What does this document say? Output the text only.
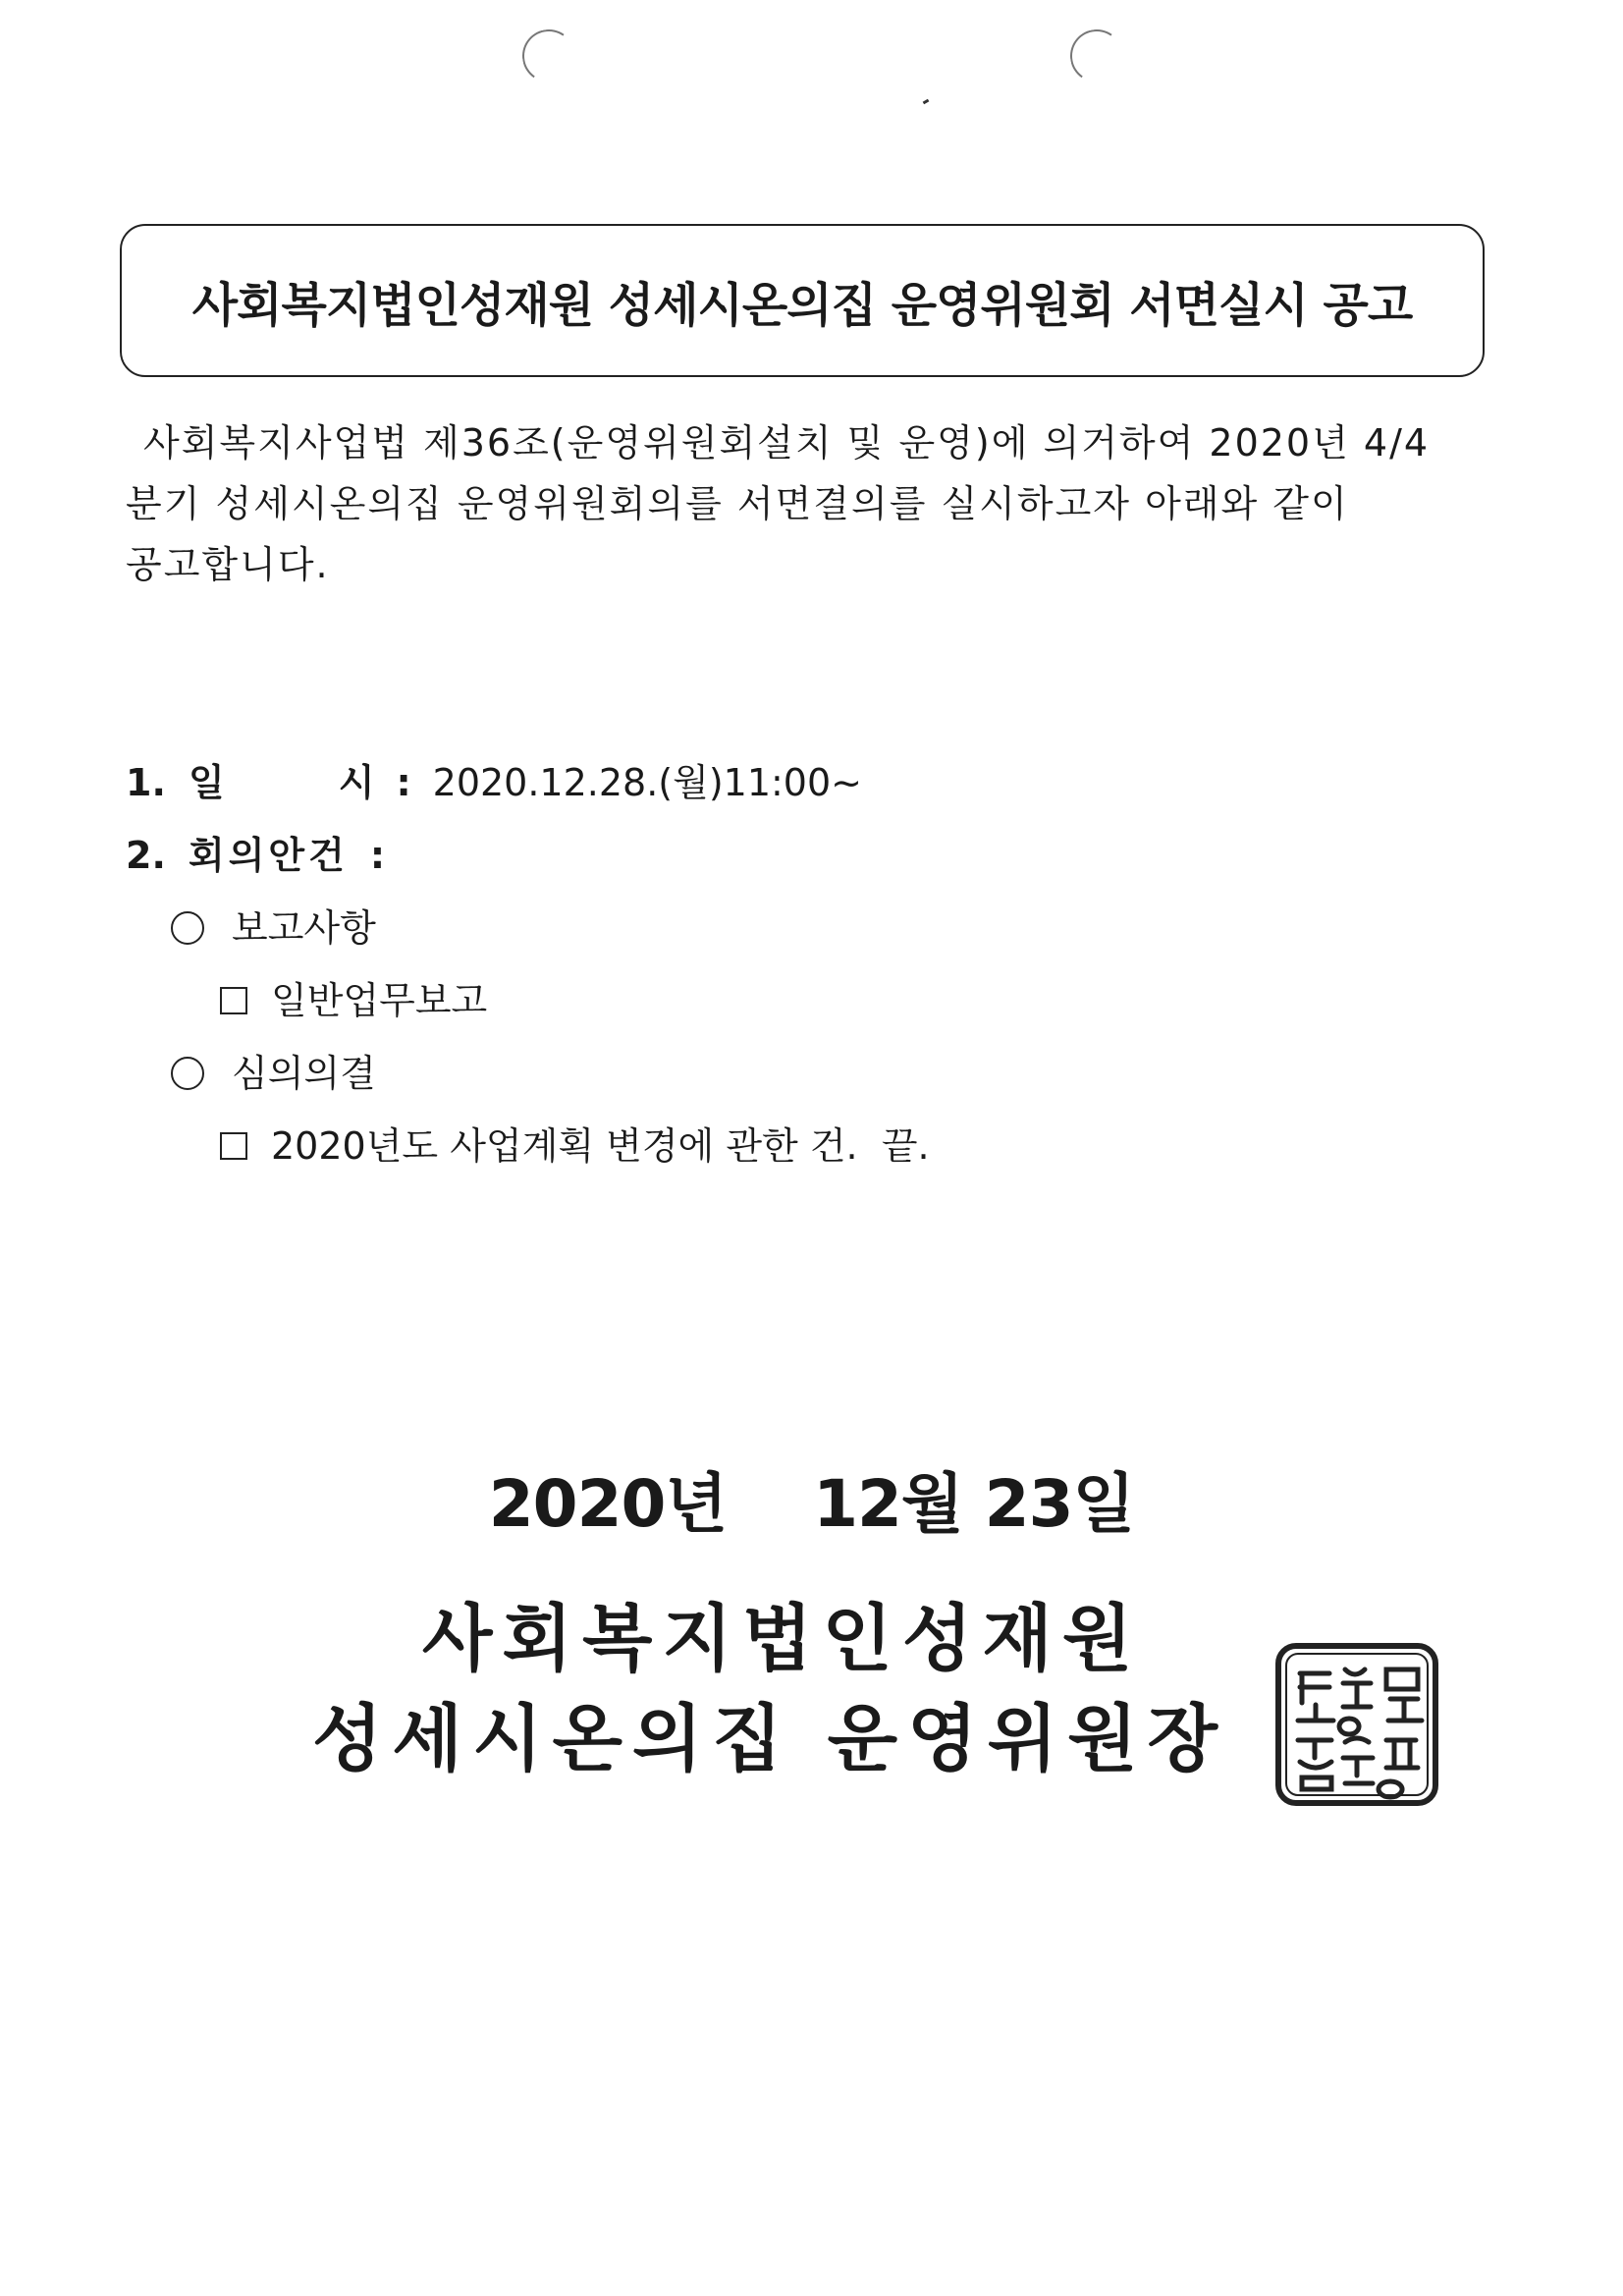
사회복지법인성재원 성세시온의집 운영위원회 서면실시 공고
사회복지사업법 제36조(운영위원회설치 및 운영)에 의거하여 2020년 4/4
분기 성세시온의집 운영위원회의를 서면결의를 실시하고자 아래와 같이
공고합니다.
1. 일	시 : 2020.12.28.(월)11:00~
2. 회의안건 :
보고사항
일반업무보고
심의의결
2020년도 사업계획 변경에 관한 건.  끝.
2020년    12월 23일
사회복지법인성재원
성세시온의집 운영위원장
